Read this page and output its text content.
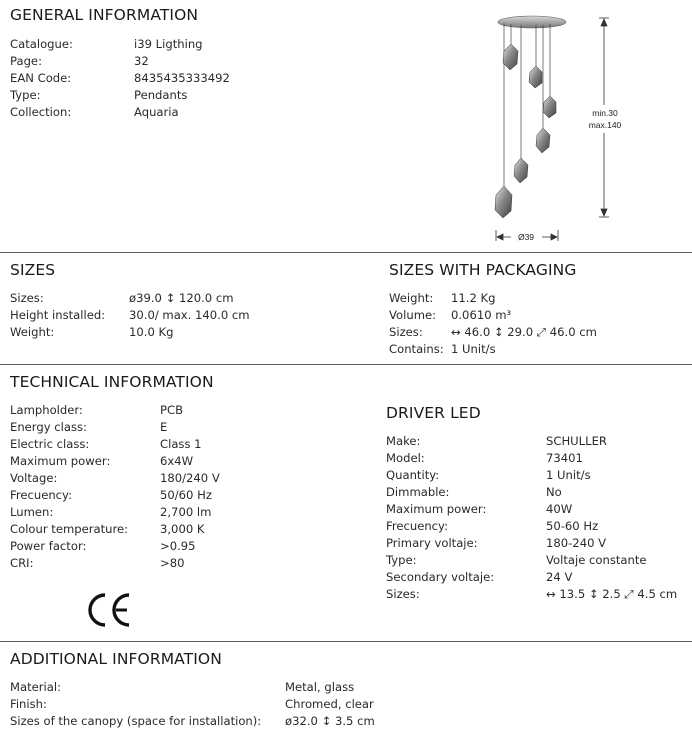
GENERAL INFORMATION
Catalogue:	i39 Ligthing
Page:	32
EAN Code:	8435435333492
Type:	Pendants
Collection:	Aquaria	min.30
max.140
Ø39
SIZES
Sizes:	ø39.0 ↕ 120.0 cm
Height installed: 30.0/ max. 140.0 cm
Weight:	10.0 Kg
SIZES WITH PACKAGING
Weight: 11.2 Kg
Volume: 0.0610 m³
Sizes: ↔ 46.0 ↕ 29.0 ⤢ 46.0 cm
Contains: 1 Unit/s
TECHNICAL INFORMATION
Lampholder:	PCB
Energy class:	E
Electric class:	Class 1
Maximum power:	6x4W
Voltage:	180/240 V
Frecuency:	50/60 Hz
Lumen:	2,700 lm
Colour temperature:	3,000 K
Power factor:	>0.95
CRI:	>80
DRIVER LED
Make:	SCHULLER
Model:	73401
Quantity:	1 Unit/s
Dimmable:	No
Maximum power:	40W
Frecuency:	50-60 Hz
Primary voltaje:	180-240 V
Type:	Voltaje constante
Secondary voltaje:	24 V
Sizes:	↔ 13.5 ↕ 2.5 ⤢ 4.5 cm
ADDITIONAL INFORMATION
Material:	Metal, glass
Finish:	Chromed, clear
Sizes of the canopy (space for installation): ø32.0 ↕ 3.5 cm
